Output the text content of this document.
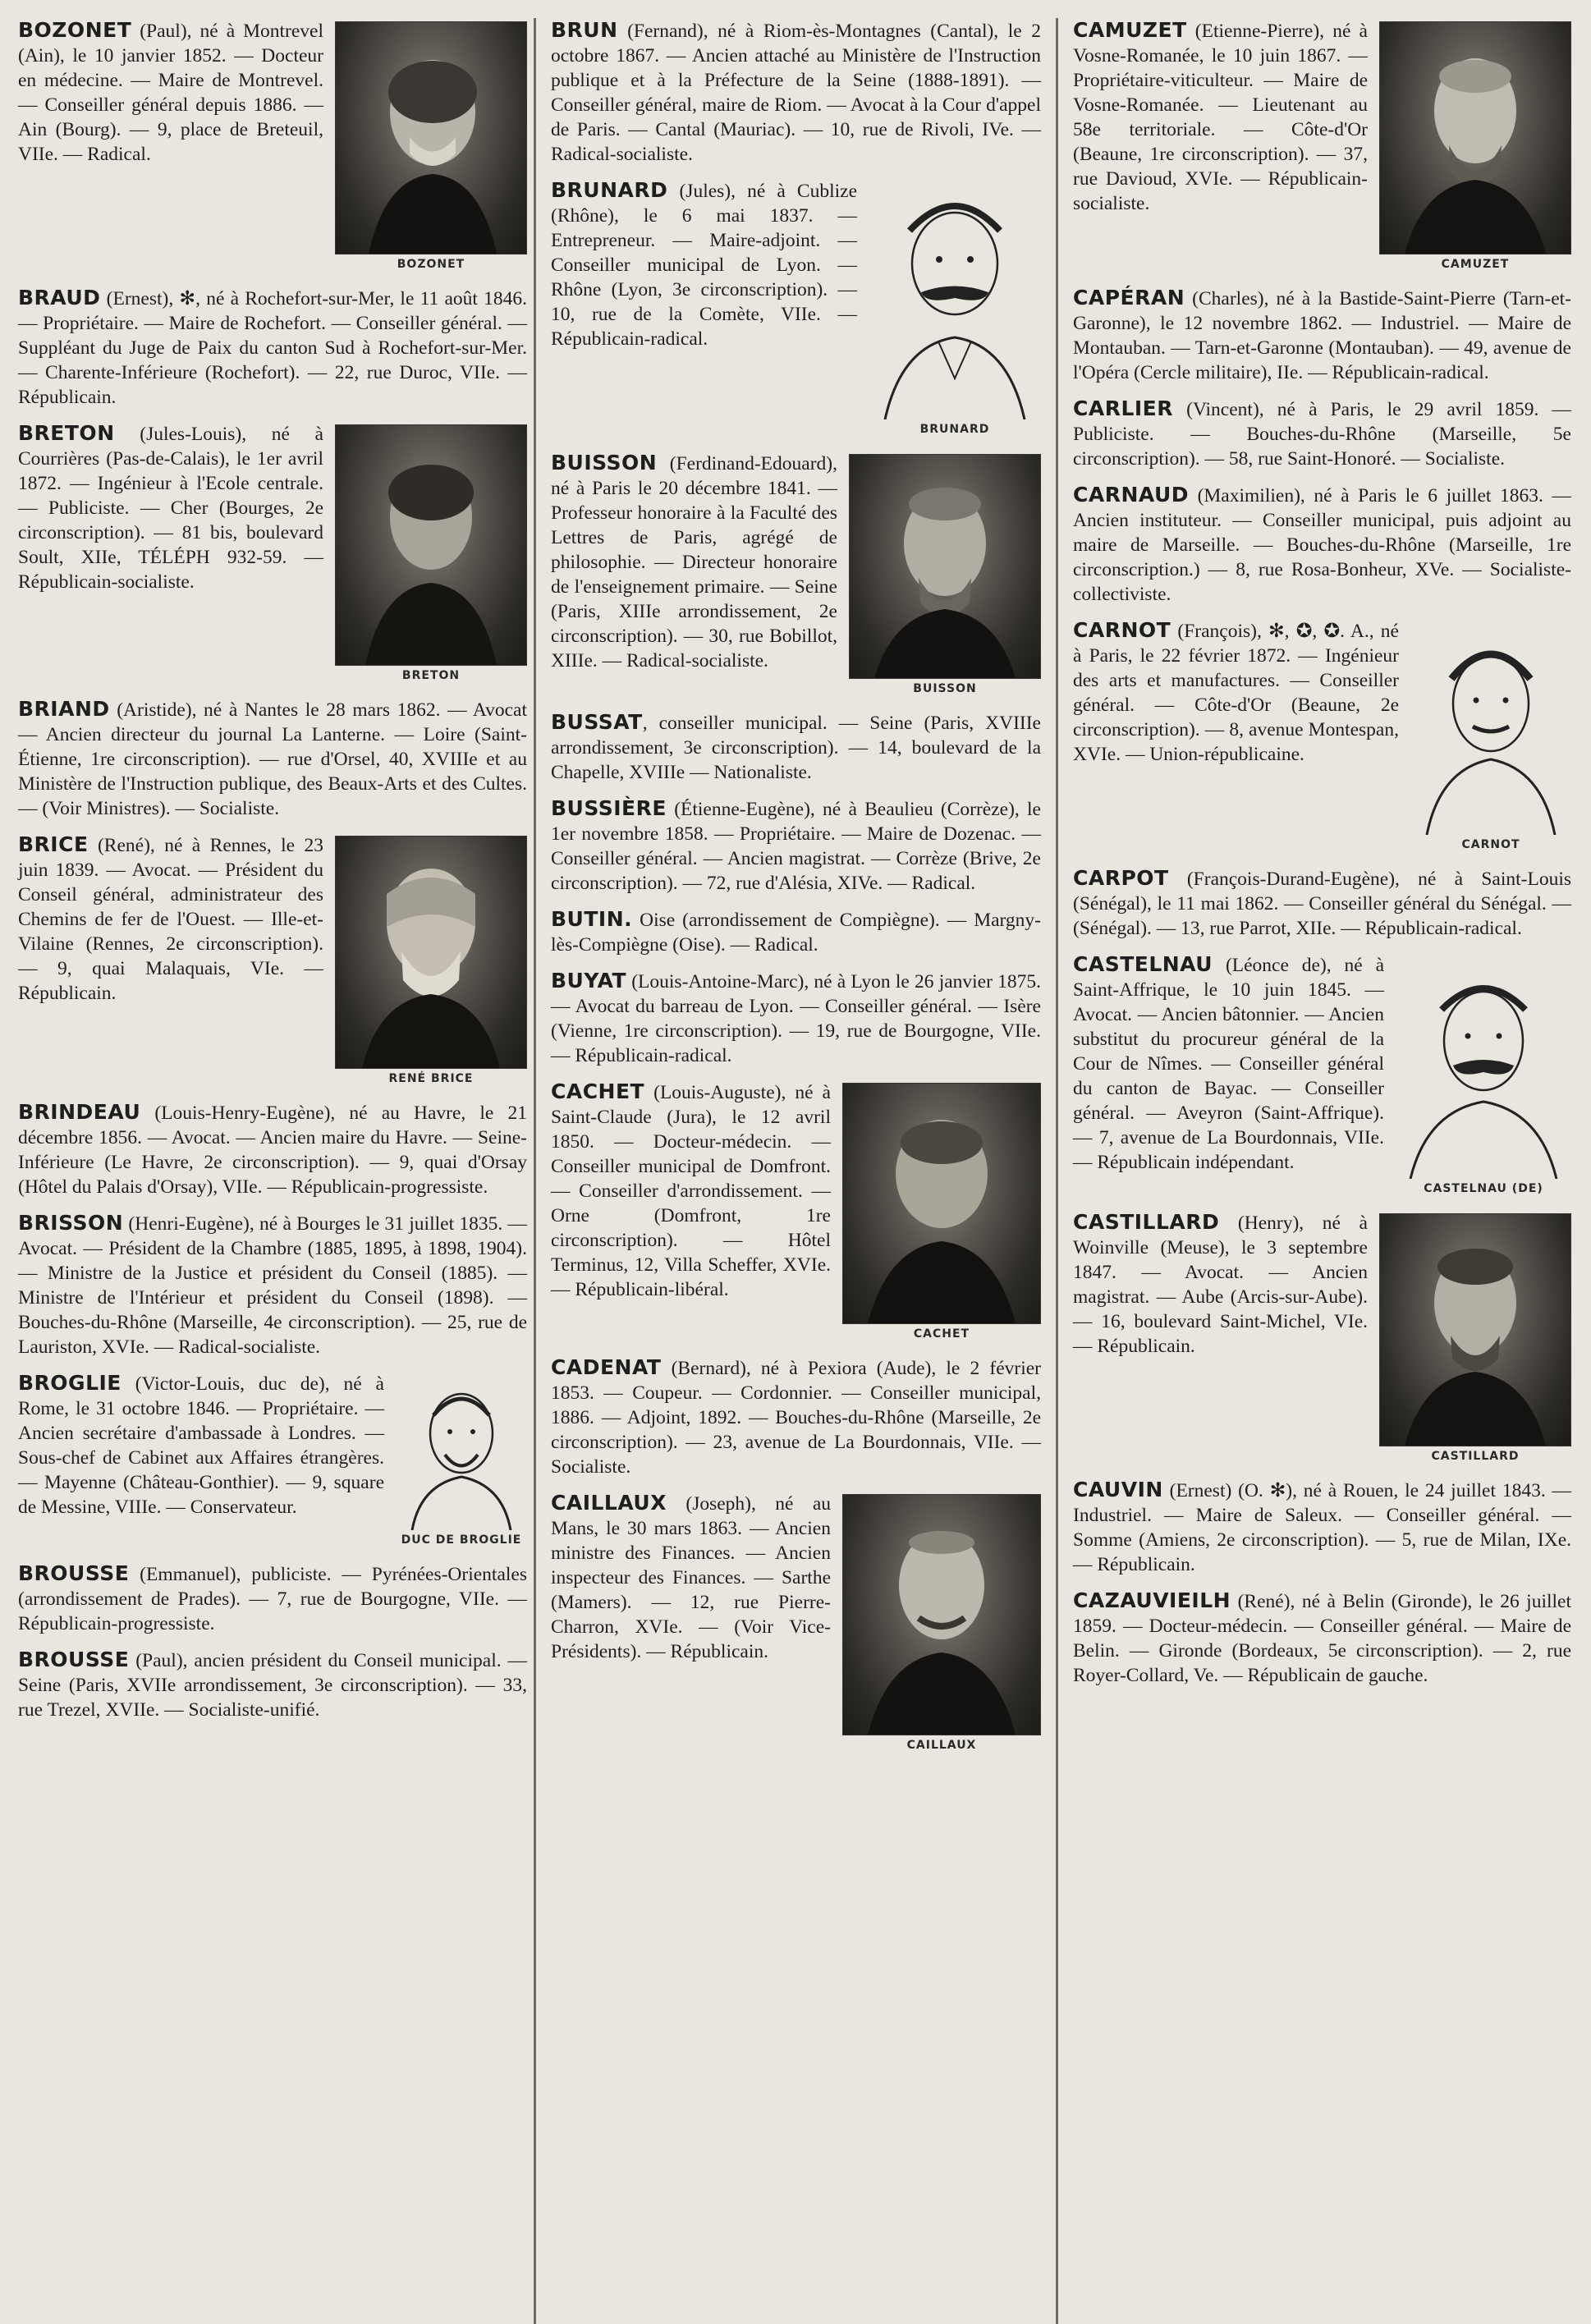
BOZONET
BOZONET (Paul), né à Montrevel (Ain), le 10 janvier 1852. — Docteur en médecine. — Maire de Montrevel. — Conseiller général depuis 1886. — Ain (Bourg). — 9, place de Breteuil, VIIe. — Radical.
BRAUD (Ernest), ✻, né à Rochefort-sur-Mer, le 11 août 1846. — Propriétaire. — Maire de Rochefort. — Conseiller général. — Suppléant du Juge de Paix du canton Sud à Rochefort-sur-Mer. — Charente-Inférieure (Rochefort). — 22, rue Duroc, VIIe. — Républicain.
BRETON
BRETON (Jules-Louis), né à Courrières (Pas-de-Calais), le 1er avril 1872. — Ingénieur à l'Ecole centrale. — Publiciste. — Cher (Bourges, 2e circonscription). — 81 bis, boulevard Soult, XIIe, TÉLÉPH 932-59. — Républicain-socialiste.
BRIAND (Aristide), né à Nantes le 28 mars 1862. — Avocat — Ancien directeur du journal La Lanterne. — Loire (Saint-Étienne, 1re circonscription). — rue d'Orsel, 40, XVIIIe et au Ministère de l'Instruction publique, des Beaux-Arts et des Cultes. — (Voir Ministres). — Socialiste.
RENÉ BRICE
BRICE (René), né à Rennes, le 23 juin 1839. — Avocat. — Président du Conseil général, administrateur des Chemins de fer de l'Ouest. — Ille-et-Vilaine (Rennes, 2e circonscription). — 9, quai Malaquais, VIe. — Républicain.
BRINDEAU (Louis-Henry-Eugène), né au Havre, le 21 décembre 1856. — Avocat. — Ancien maire du Havre. — Seine-Inférieure (Le Havre, 2e circonscription). — 9, quai d'Orsay (Hôtel du Palais d'Orsay), VIIe. — Républicain-progressiste.
BRISSON (Henri-Eugène), né à Bourges le 31 juillet 1835. — Avocat. — Président de la Chambre (1885, 1895, à 1898, 1904). — Ministre de la Justice et président du Conseil (1885). — Ministre de l'Intérieur et président du Conseil (1898). — Bouches-du-Rhône (Marseille, 4e circonscription). — 25, rue de Lauriston, XVIe. — Radical-socialiste.
DUC DE BROGLIE
BROGLIE (Victor-Louis, duc de), né à Rome, le 31 octobre 1846. — Propriétaire. — Ancien secrétaire d'ambassade à Londres. — Sous-chef de Cabinet aux Affaires étrangères. — Mayenne (Château-Gonthier). — 9, square de Messine, VIIIe. — Conservateur.
BROUSSE (Emmanuel), publiciste. — Pyrénées-Orientales (arrondissement de Prades). — 7, rue de Bourgogne, VIIe. — Républicain-progressiste.
BROUSSE (Paul), ancien président du Conseil municipal. — Seine (Paris, XVIIe arrondissement, 3e circonscription). — 33, rue Trezel, XVIIe. — Socialiste-unifié.
BRUN (Fernand), né à Riom-ès-Montagnes (Cantal), le 2 octobre 1867. — Ancien attaché au Ministère de l'Instruction publique et à la Préfecture de la Seine (1888-1891). — Conseiller général, maire de Riom. — Avocat à la Cour d'appel de Paris. — Cantal (Mauriac). — 10, rue de Rivoli, IVe. — Radical-socialiste.
BRUNARD
BRUNARD (Jules), né à Cublize (Rhône), le 6 mai 1837. — Entrepreneur. — Maire-adjoint. — Conseiller municipal de Lyon. — Rhône (Lyon, 3e circonscription). — 10, rue de la Comète, VIIe. — Républicain-radical.
BUISSON
BUISSON (Ferdinand-Edouard), né à Paris le 20 décembre 1841. — Professeur honoraire à la Faculté des Lettres de Paris, agrégé de philosophie. — Directeur honoraire de l'enseignement primaire. — Seine (Paris, XIIIe arrondissement, 2e circonscription). — 30, rue Bobillot, XIIIe. — Radical-socialiste.
BUSSAT, conseiller municipal. — Seine (Paris, XVIIIe arrondissement, 3e circonscription). — 14, boulevard de la Chapelle, XVIIIe — Nationaliste.
BUSSIÈRE (Étienne-Eugène), né à Beaulieu (Corrèze), le 1er novembre 1858. — Propriétaire. — Maire de Dozenac. — Conseiller général. — Ancien magistrat. — Corrèze (Brive, 2e circonscription). — 72, rue d'Alésia, XIVe. — Radical.
BUTIN. Oise (arrondissement de Compiègne). — Margny-lès-Compiègne (Oise). — Radical.
BUYAT (Louis-Antoine-Marc), né à Lyon le 26 janvier 1875. — Avocat du barreau de Lyon. — Conseiller général. — Isère (Vienne, 1re circonscription). — 19, rue de Bourgogne, VIIe. — Républicain-radical.
CACHET
CACHET (Louis-Auguste), né à Saint-Claude (Jura), le 12 avril 1850. — Docteur-médecin. — Conseiller municipal de Domfront. — Conseiller d'arrondissement. — Orne (Domfront, 1re circonscription). — Hôtel Terminus, 12, Villa Scheffer, XVIe. — Républicain-libéral.
CADENAT (Bernard), né à Pexiora (Aude), le 2 février 1853. — Coupeur. — Cordonnier. — Conseiller municipal, 1886. — Adjoint, 1892. — Bouches-du-Rhône (Marseille, 2e circonscription). — 23, avenue de La Bourdonnais, VIIe. — Socialiste.
CAILLAUX
CAILLAUX (Joseph), né au Mans, le 30 mars 1863. — Ancien ministre des Finances. — Ancien inspecteur des Finances. — Sarthe (Mamers). — 12, rue Pierre-Charron, XVIe. — (Voir Vice-Présidents). — Républicain.
CAMUZET
CAMUZET (Etienne-Pierre), né à Vosne-Romanée, le 10 juin 1867. — Propriétaire-viticulteur. — Maire de Vosne-Romanée. — Lieutenant au 58e territoriale. — Côte-d'Or (Beaune, 1re circonscription). — 37, rue Davioud, XVIe. — Républicain-socialiste.
CAPÉRAN (Charles), né à la Bastide-Saint-Pierre (Tarn-et-Garonne), le 12 novembre 1862. — Industriel. — Maire de Montauban. — Tarn-et-Garonne (Montauban). — 49, avenue de l'Opéra (Cercle militaire), IIe. — Républicain-radical.
CARLIER (Vincent), né à Paris, le 29 avril 1859. — Publiciste. — Bouches-du-Rhône (Marseille, 5e circonscription). — 58, rue Saint-Honoré. — Socialiste.
CARNAUD (Maximilien), né à Paris le 6 juillet 1863. — Ancien instituteur. — Conseiller municipal, puis adjoint au maire de Marseille. — Bouches-du-Rhône (Marseille, 1re circonscription.) — 8, rue Rosa-Bonheur, XVe. — Socialiste-collectiviste.
CARNOT
CARNOT (François), ✻, ✪, ✪. A., né à Paris, le 22 février 1872. — Ingénieur des arts et manufactures. — Conseiller général. — Côte-d'Or (Beaune, 2e circonscription). — 8, avenue Montespan, XVIe. — Union-républicaine.
CARPOT (François-Durand-Eugène), né à Saint-Louis (Sénégal), le 11 mai 1862. — Conseiller général du Sénégal. — (Sénégal). — 13, rue Parrot, XIIe. — Républicain-radical.
CASTELNAU (DE)
CASTELNAU (Léonce de), né à Saint-Affrique, le 10 juin 1845. — Avocat. — Ancien bâtonnier. — Ancien substitut du procureur général de la Cour de Nîmes. — Conseiller général du canton de Bayac. — Conseiller général. — Aveyron (Saint-Affrique). — 7, avenue de La Bourdonnais, VIIe. — Républicain indépendant.
CASTILLARD
CASTILLARD (Henry), né à Woinville (Meuse), le 3 septembre 1847. — Avocat. — Ancien magistrat. — Aube (Arcis-sur-Aube). — 16, boulevard Saint-Michel, VIe. — Républicain.
CAUVIN (Ernest) (O. ✻), né à Rouen, le 24 juillet 1843. — Industriel. — Maire de Saleux. — Conseiller général. — Somme (Amiens, 2e circonscription). — 5, rue de Milan, IXe. — Républicain.
CAZAUVIEILH (René), né à Belin (Gironde), le 26 juillet 1859. — Docteur-médecin. — Conseiller général. — Maire de Belin. — Gironde (Bordeaux, 5e circonscription). — 2, rue Royer-Collard, Ve. — Républicain de gauche.
